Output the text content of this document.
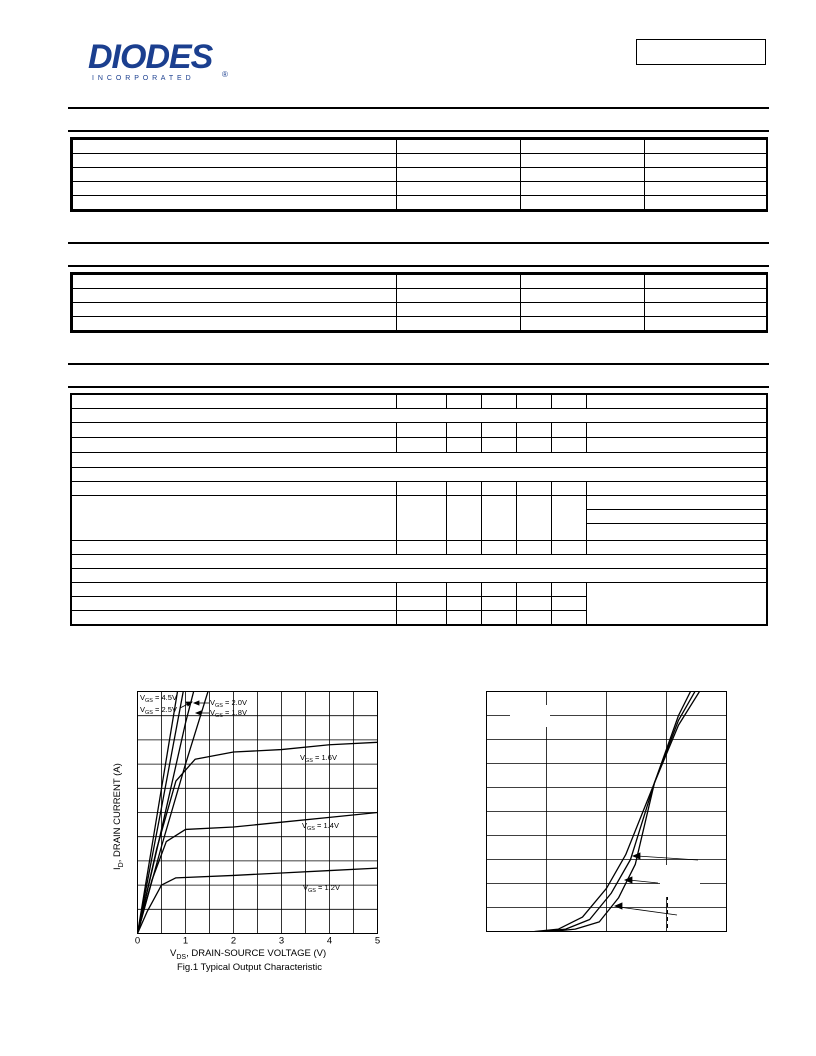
DIODES
I N C O R P O R A T E D	®

0	1	2	3	4	5
$V_{GS} = 4.5V$
$V_{GS} = 2.5V$
$V_{GS} = 2.0V$
$V_{GS} = 1.8V$
$V_{GS} = 1.6V$
$V_{GS} = 1.4V$
$V_{GS} = 1.2V$
$I_D$, DRAIN CURRENT (A)
$V_{DS}$, DRAIN-SOURCE VOLTAGE (V)
Fig.1 Typical Output Characteristic
